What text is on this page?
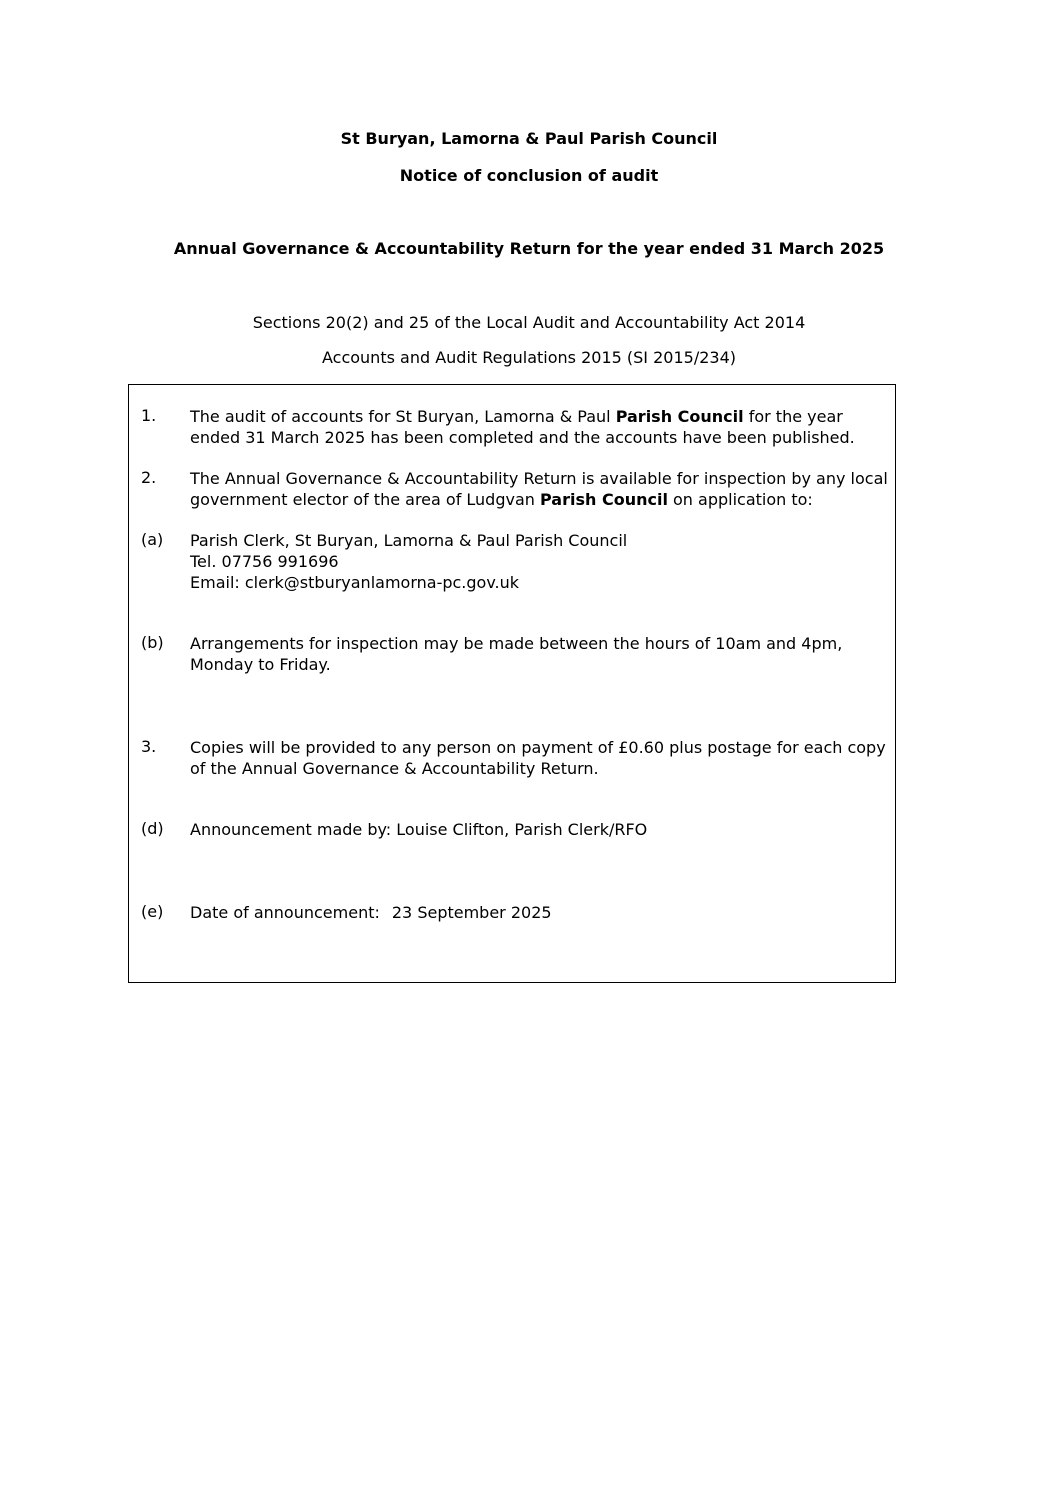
St Buryan, Lamorna & Paul Parish Council
Notice of conclusion of audit
Annual Governance & Accountability Return for the year ended 31 March 2025
Sections 20(2) and 25 of the Local Audit and Accountability Act 2014
Accounts and Audit Regulations 2015 (SI 2015/234)
1. The audit of accounts for St Buryan, Lamorna & Paul Parish Council for the year
ended 31 March 2025 has been completed and the accounts have been published.
2. The Annual Governance & Accountability Return is available for inspection by any local
government elector of the area of Ludgvan Parish Council on application to:
(a) Parish Clerk, St Buryan, Lamorna & Paul Parish Council
Tel. 07756 991696
Email: clerk@stburyanlamorna-pc.gov.uk
(b) Arrangements for inspection may be made between the hours of 10am and 4pm,
Monday to Friday.
3. Copies will be provided to any person on payment of £0.60 plus postage for each copy
of the Annual Governance & Accountability Return.
(d) Announcement made by: Louise Clifton, Parish Clerk/RFO
(e) Date of announcement: 23 September 2025
